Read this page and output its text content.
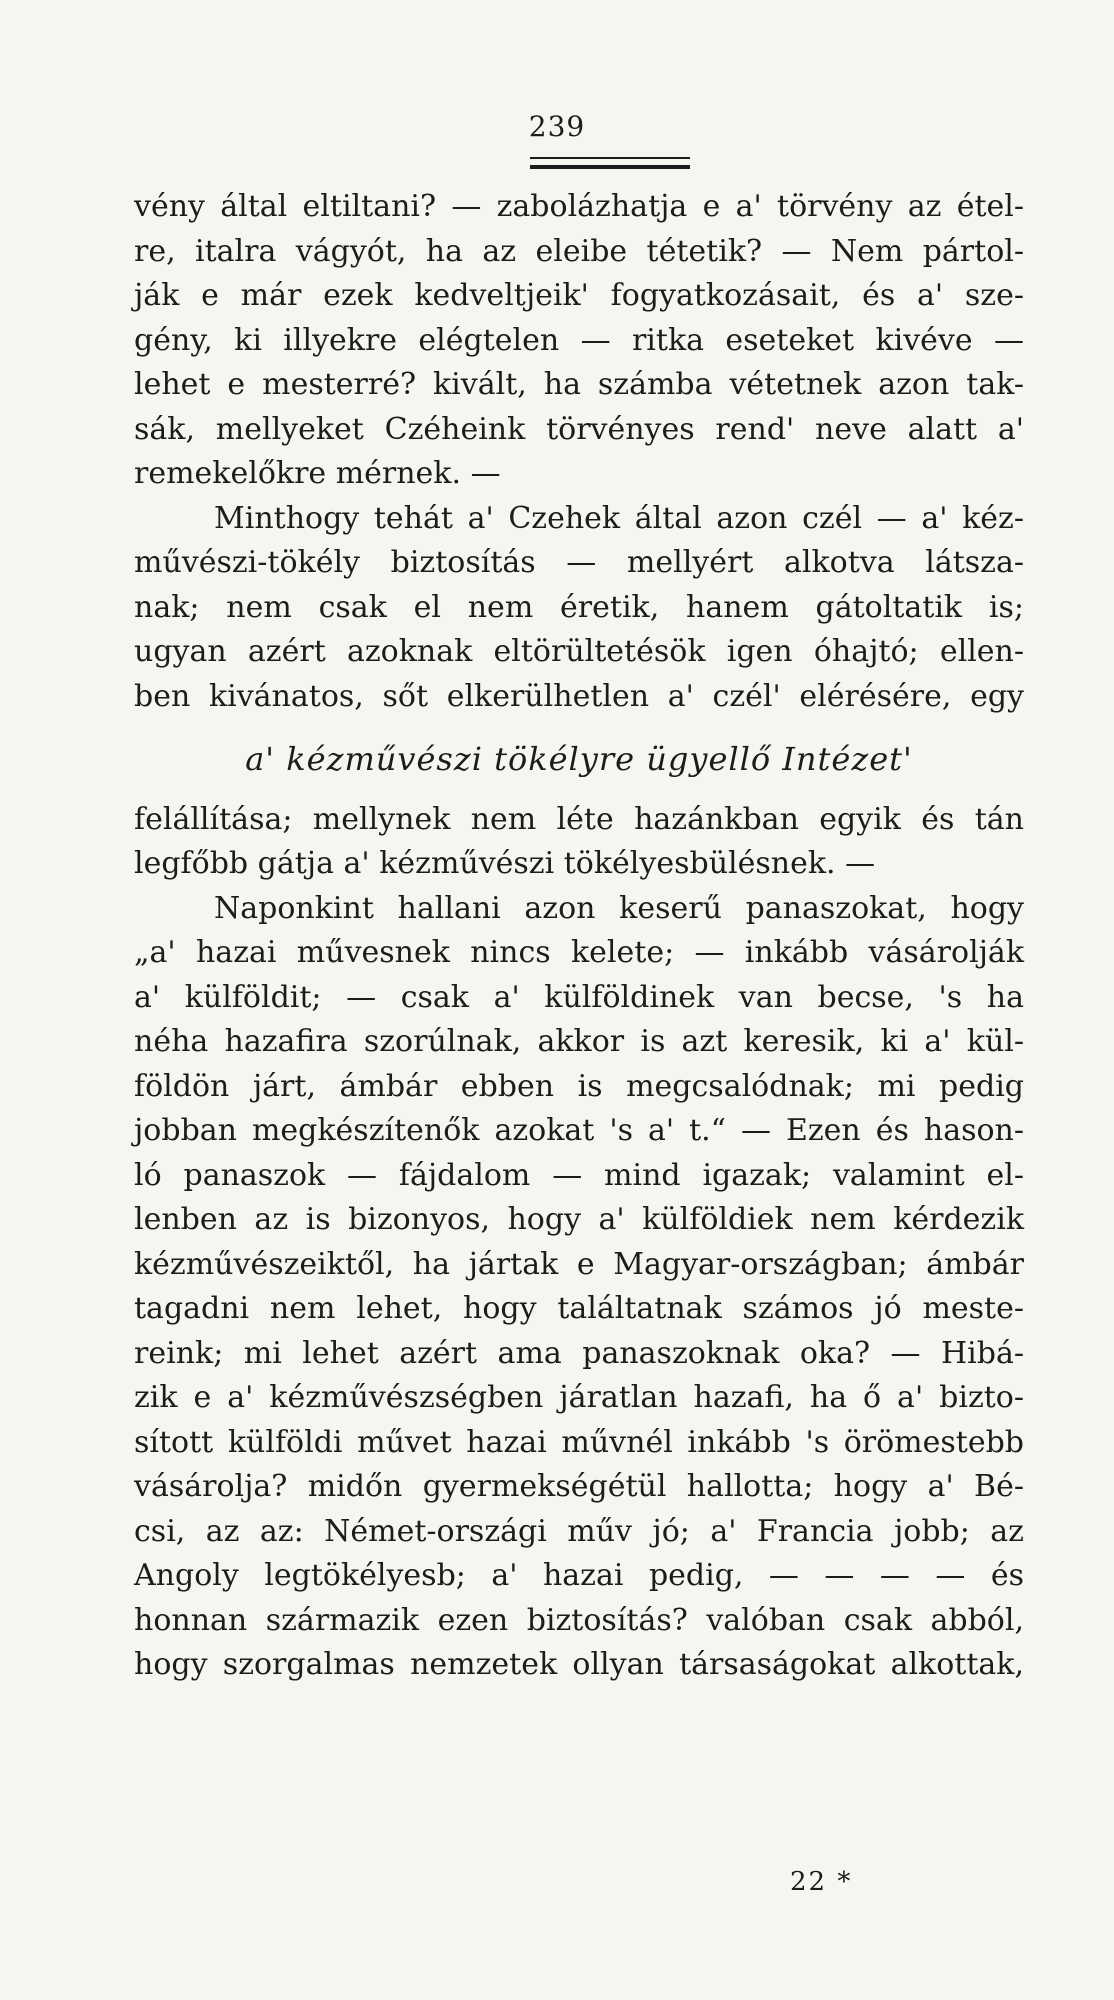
239
vény által eltiltani? — zabolázhatja e a' törvény az étel-
re, italra vágyót, ha az eleibe tétetik? — Nem pártol-
ják e már ezek kedveltjeik' fogyatkozásait, és a' sze-
gény, ki illyekre elégtelen — ritka eseteket kivéve —
lehet e mesterré? kivált, ha számba vétetnek azon tak-
sák, mellyeket Czéheink törvényes rend' neve alatt a'
remekelőkre mérnek. —
Minthogy tehát a' Czehek által azon czél — a' kéz-
művészi-tökély biztosítás — mellyért alkotva látsza-
nak; nem csak el nem éretik, hanem gátoltatik is;
ugyan azért azoknak eltörültetésök igen óhajtó; ellen-
ben kivánatos, sőt elkerülhetlen a' czél' elérésére, egy
a' kézművészi tökélyre ügyellő Intézet'
felállítása; mellynek nem léte hazánkban egyik és tán
legfőbb gátja a' kézművészi tökélyesbülésnek. —
Naponkint hallani azon keserű panaszokat, hogy
„a' hazai művesnek nincs kelete; — inkább vásárolják
a' külföldit; — csak a' külföldinek van becse, 's ha
néha hazafira szorúlnak, akkor is azt keresik, ki a' kül-
földön járt, ámbár ebben is megcsalódnak; mi pedig
jobban megkészítenők azokat 's a' t.“ — Ezen és hason-
ló panaszok — fájdalom — mind igazak; valamint el-
lenben az is bizonyos, hogy a' külföldiek nem kérdezik
kézművészeiktől, ha jártak e Magyar-országban; ámbár
tagadni nem lehet, hogy találtatnak számos jó meste-
reink; mi lehet azért ama panaszoknak oka? — Hibá-
zik e a' kézművészségben járatlan hazafi, ha ő a' bizto-
sított külföldi művet hazai művnél inkább 's örömestebb
vásárolja? midőn gyermekségétül hallotta; hogy a' Bé-
csi, az az: Német-országi műv jó; a' Francia jobb; az
Angoly legtökélyesb; a' hazai pedig, — — — — és
honnan származik ezen biztosítás? valóban csak abból,
hogy szorgalmas nemzetek ollyan társaságokat alkottak,
22 *
